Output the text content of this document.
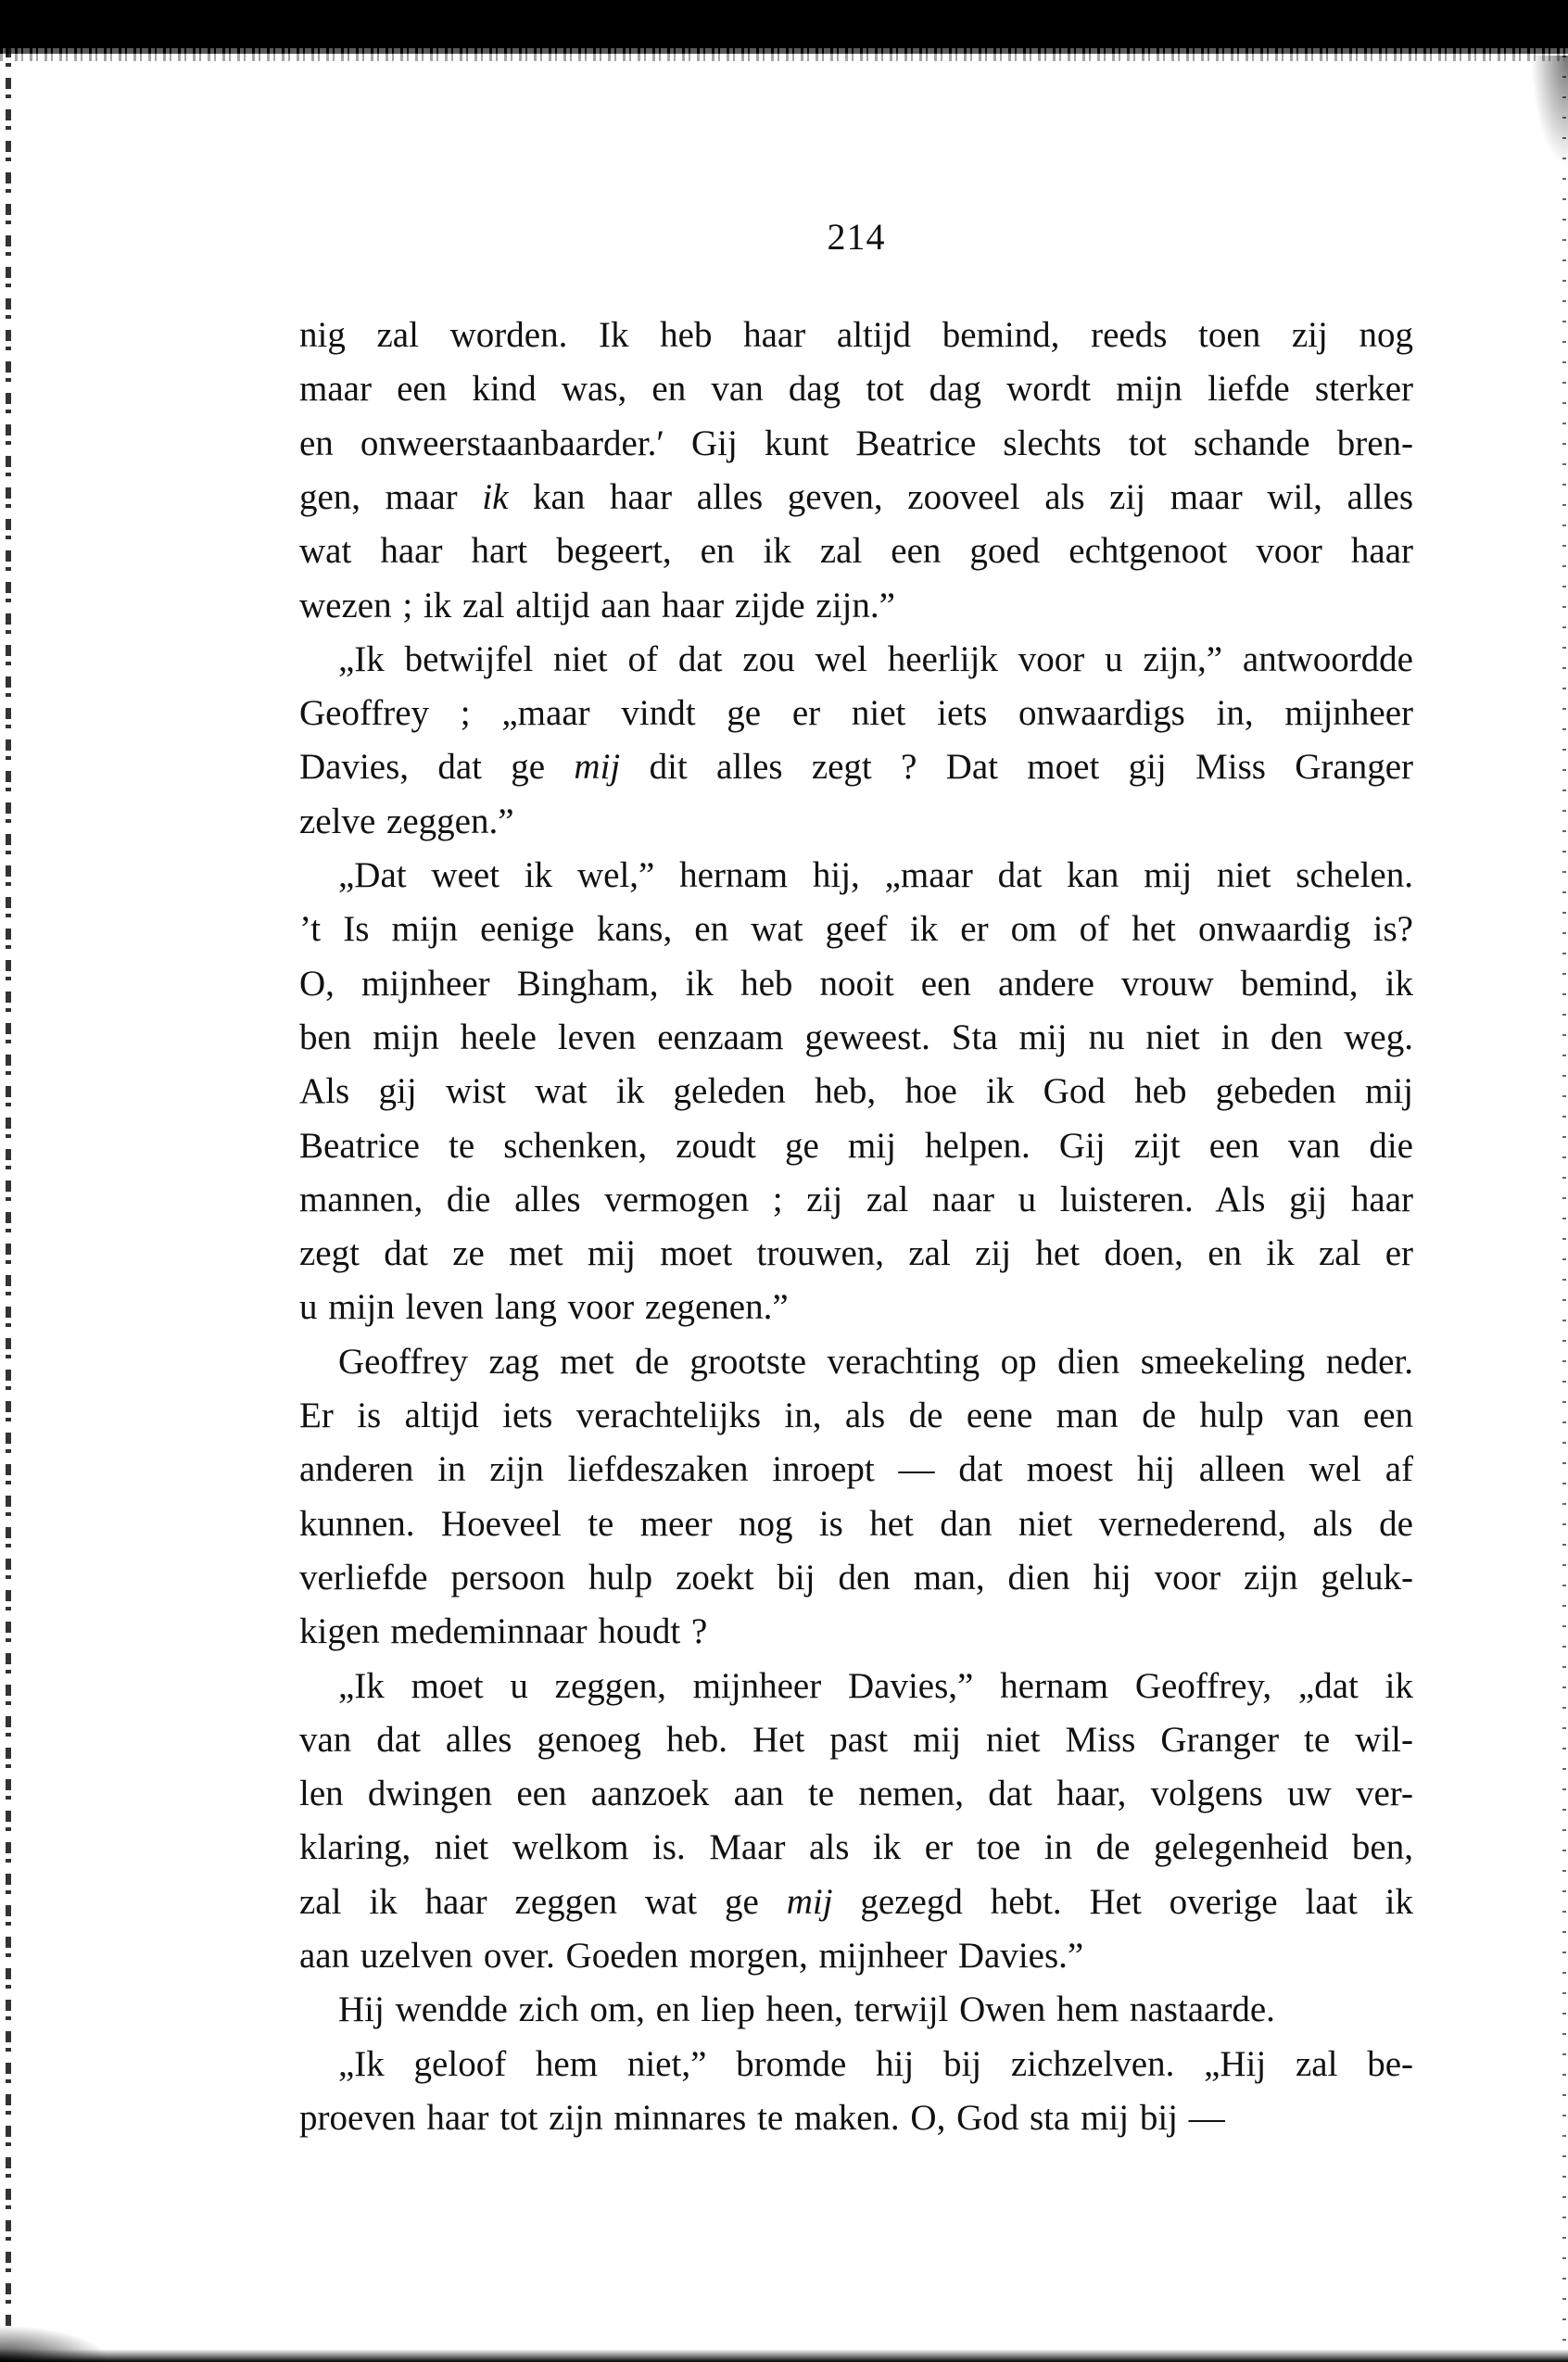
214
nig zal worden. Ik heb haar altijd bemind, reeds toen zij nog
maar een kind was, en van dag tot dag wordt mijn liefde sterker
en onweerstaanbaarder.′ Gij kunt Beatrice slechts tot schande bren-
gen, maar ik kan haar alles geven, zooveel als zij maar wil, alles
wat haar hart begeert, en ik zal een goed echtgenoot voor haar
wezen ; ik zal altijd aan haar zijde zijn.”
„Ik betwijfel niet of dat zou wel heerlijk voor u zijn,” antwoordde
Geoffrey ; „maar vindt ge er niet iets onwaardigs in, mijnheer
Davies, dat ge mij dit alles zegt ? Dat moet gij Miss Granger
zelve zeggen.”
„Dat weet ik wel,” hernam hij, „maar dat kan mij niet schelen.
’t Is mijn eenige kans, en wat geef ik er om of het onwaardig is?
O, mijnheer Bingham, ik heb nooit een andere vrouw bemind, ik
ben mijn heele leven eenzaam geweest. Sta mij nu niet in den weg.
Als gij wist wat ik geleden heb, hoe ik God heb gebeden mij
Beatrice te schenken, zoudt ge mij helpen. Gij zijt een van die
mannen, die alles vermogen ; zij zal naar u luisteren. Als gij haar
zegt dat ze met mij moet trouwen, zal zij het doen, en ik zal er
u mijn leven lang voor zegenen.”
Geoffrey zag met de grootste verachting op dien smeekeling neder.
Er is altijd iets verachtelijks in, als de eene man de hulp van een
anderen in zijn liefdeszaken inroept — dat moest hij alleen wel af
kunnen. Hoeveel te meer nog is het dan niet vernederend, als de
verliefde persoon hulp zoekt bij den man, dien hij voor zijn geluk-
kigen medeminnaar houdt ?
„Ik moet u zeggen, mijnheer Davies,” hernam Geoffrey, „dat ik
van dat alles genoeg heb. Het past mij niet Miss Granger te wil-
len dwingen een aanzoek aan te nemen, dat haar, volgens uw ver-
klaring, niet welkom is. Maar als ik er toe in de gelegenheid ben,
zal ik haar zeggen wat ge mij gezegd hebt. Het overige laat ik
aan uzelven over. Goeden morgen, mijnheer Davies.”
Hij wendde zich om, en liep heen, terwijl Owen hem nastaarde.
„Ik geloof hem niet,” bromde hij bij zichzelven. „Hij zal be-
proeven haar tot zijn minnares te maken. O, God sta mij bij —
